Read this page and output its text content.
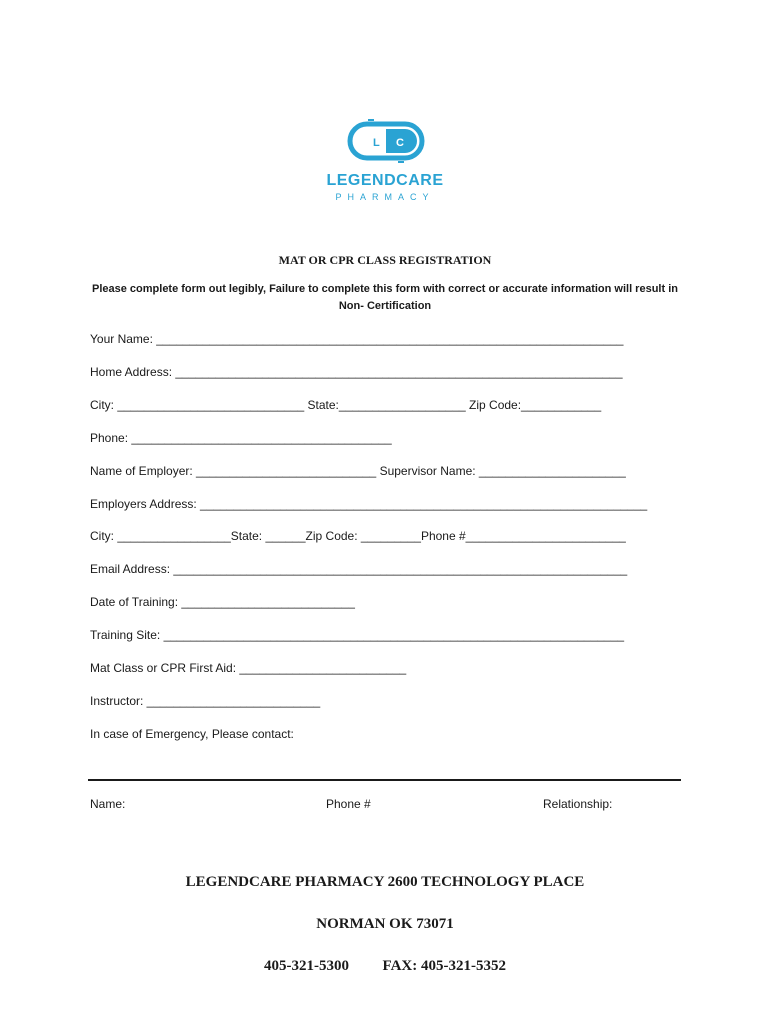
L C
LEGENDCARE
PHARMACY
MAT OR CPR CLASS REGISTRATION
Please complete form out legibly, Failure to complete this form with correct or accurate information will result in Non- Certification
Your Name: ______________________________________________________________________
Home Address: ___________________________________________________________________
City: ____________________________ State:___________________ Zip Code:____________
Phone: _______________________________________
Name of Employer: ___________________________ Supervisor Name: ______________________
Employers Address: ___________________________________________________________________
City: _________________State: ______Zip Code: _________Phone #________________________
Email Address: ____________________________________________________________________
Date of Training: __________________________
Training Site: _____________________________________________________________________
Mat Class or CPR First Aid: _________________________
Instructor: __________________________
In case of Emergency, Please contact:
Name:	Phone #	Relationship:
LEGENDCARE PHARMACY 2600 TECHNOLOGY PLACE
NORMAN OK 73071
405-321-5300 FAX: 405-321-5352
